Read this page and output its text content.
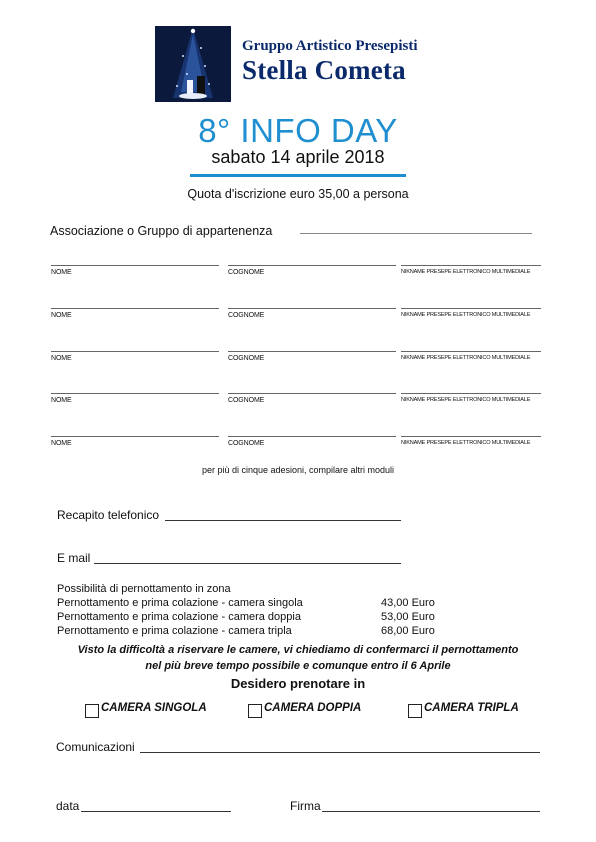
Gruppo Artistico Presepisti
Stella Cometa
8° INFO DAY
sabato 14 aprile 2018
Quota d'iscrizione euro 35,00 a persona
Associazione o Gruppo di appartenenza
NOME	COGNOME	NIKNAME PRESEPE ELETTRONICO MULTIMEDIALE
NOME	COGNOME	NIKNAME PRESEPE ELETTRONICO MULTIMEDIALE
NOME	COGNOME	NIKNAME PRESEPE ELETTRONICO MULTIMEDIALE
NOME	COGNOME	NIKNAME PRESEPE ELETTRONICO MULTIMEDIALE
NOME	COGNOME	NIKNAME PRESEPE ELETTRONICO MULTIMEDIALE
per più di cinque adesioni, compilare altri moduli
Recapito telefonico
E mail
Possibilità di pernottamento in zona
Pernottamento e prima colazione - camera singola	43,00 Euro
Pernottamento e prima colazione - camera doppia	53,00 Euro
Pernottamento e prima colazione - camera tripla	68,00 Euro
Visto la difficoltà a riservare le camere, vi chiediamo di confermarci il pernottamento
nel più breve tempo possibile e comunque entro il 6 Aprile
Desidero prenotare in
CAMERA SINGOLA	CAMERA DOPPIA	CAMERA TRIPLA
Comunicazioni
data	Firma
